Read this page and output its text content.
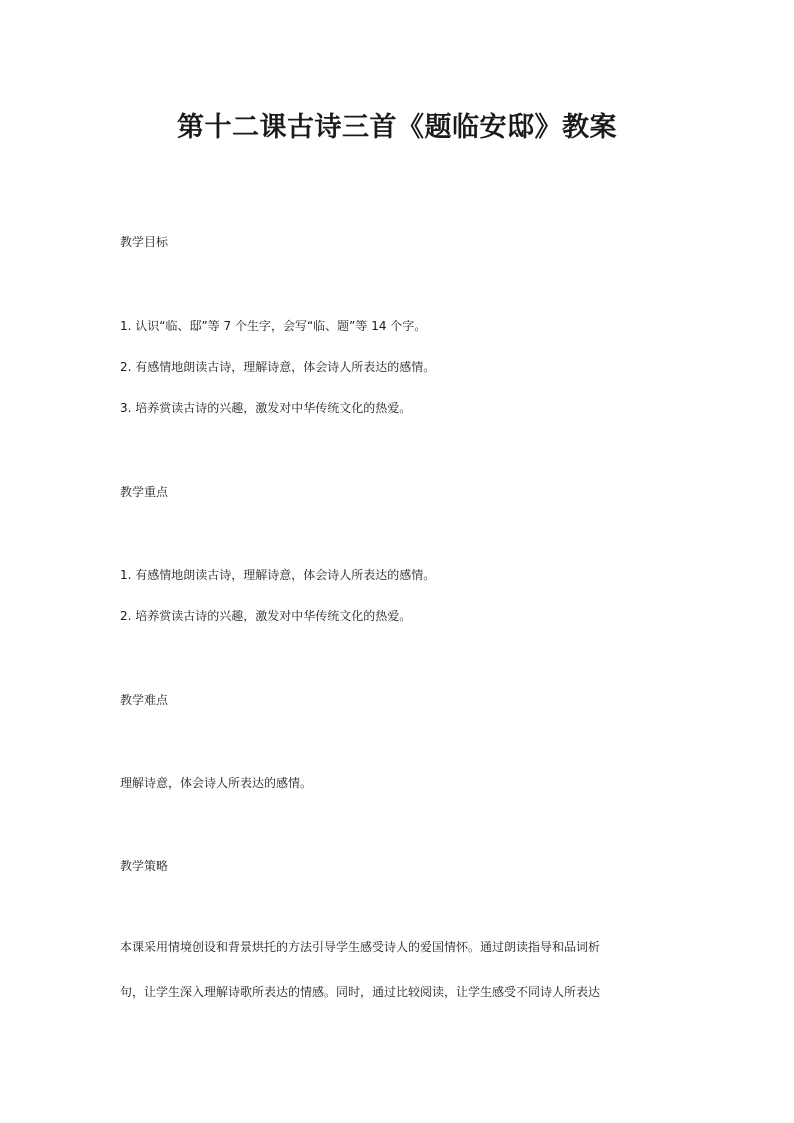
第十二课古诗三首《题临安邸》教案

教学目标

1. 认识“临、邸”等 7 个生字，会写“临、题”等 14 个字。

2. 有感情地朗读古诗，理解诗意，体会诗人所表达的感情。

3. 培养赏读古诗的兴趣，激发对中华传统文化的热爱。

教学重点

1. 有感情地朗读古诗，理解诗意，体会诗人所表达的感情。

2. 培养赏读古诗的兴趣，激发对中华传统文化的热爱。

教学难点

理解诗意，体会诗人所表达的感情。

教学策略

本课采用情境创设和背景烘托的方法引导学生感受诗人的爱国情怀。通过朗读指导和品词析

句，让学生深入理解诗歌所表达的情感。同时，通过比较阅读，让学生感受不同诗人所表达
